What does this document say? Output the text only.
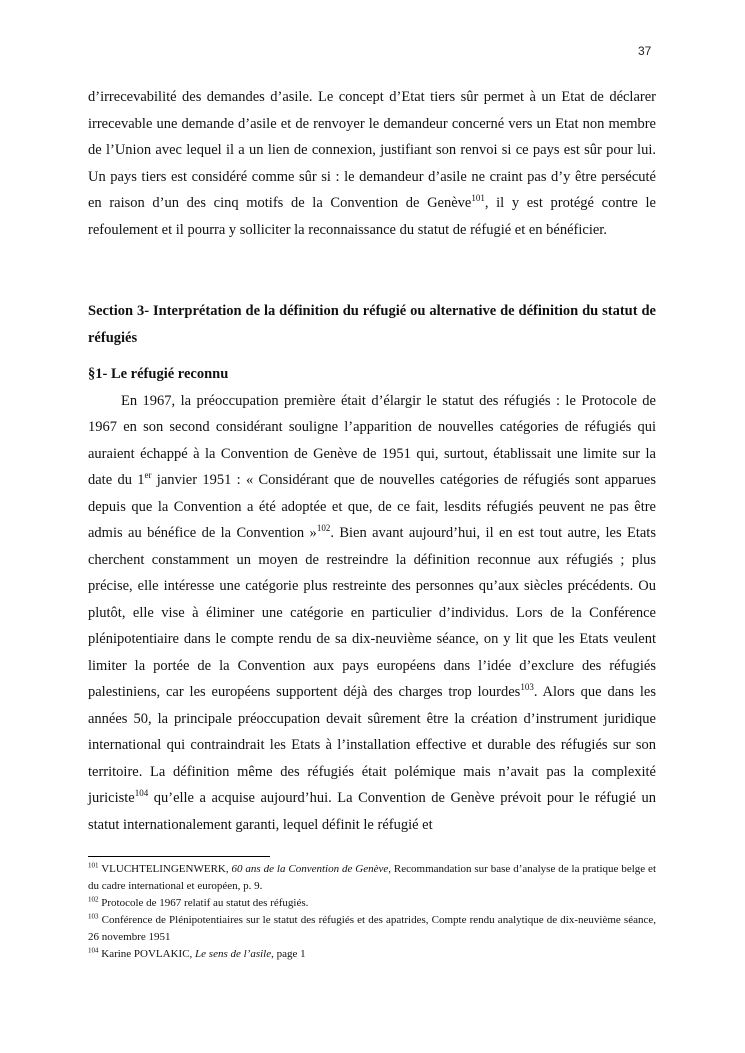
37

d’irrecevabilité des demandes d’asile. Le concept d’Etat tiers sûr permet à un Etat de déclarer irrecevable une demande d’asile et de renvoyer le demandeur concerné vers un Etat non membre de l’Union avec lequel il a un lien de connexion, justifiant son renvoi si ce pays est sûr pour lui. Un pays tiers est considéré comme sûr si : le demandeur d’asile ne craint pas d’y être persécuté en raison d’un des cinq motifs de la Convention de Genève$^{101}$, il y est protégé contre le refoulement et il pourra y solliciter la reconnaissance du statut de réfugié et en bénéficier.

Section 3- Interprétation de la définition du réfugié ou alternative de définition du statut de réfugiés
§1- Le réfugié reconnu

En 1967, la préoccupation première était d’élargir le statut des réfugiés : le Protocole de 1967 en son second considérant souligne l’apparition de nouvelles catégories de réfugiés qui auraient échappé à la Convention de Genève de 1951 qui, surtout, établissait une limite sur la date du 1er janvier 1951 : « Considérant que de nouvelles catégories de réfugiés sont apparues depuis que la Convention a été adoptée et que, de ce fait, lesdits réfugiés peuvent ne pas être admis au bénéfice de la Convention »$^{102}$. Bien avant aujourd’hui, il en est tout autre, les Etats cherchent constamment un moyen de restreindre la définition reconnue aux réfugiés ; plus précise, elle intéresse une catégorie plus restreinte des personnes qu’aux siècles précédents. Ou plutôt, elle vise à éliminer une catégorie en particulier d’individus. Lors de la Conférence plénipotentiaire dans le compte rendu de sa dix-neuvième séance, on y lit que les Etats veulent limiter la portée de la Convention aux pays européens dans l’idée d’exclure des réfugiés palestiniens, car les européens supportent déjà des charges trop lourdes$^{103}$. Alors que dans les années 50, la principale préoccupation devait sûrement être la création d’instrument juridique international qui contraindrait les Etats à l’installation effective et durable des réfugiés sur son territoire. La définition même des réfugiés était polémique mais n’avait pas la complexité juriciste$^{104}$ qu’elle a acquise aujourd’hui. La Convention de Genève prévoit pour le réfugié un statut internationalement garanti, lequel définit le réfugié et

$^{101}$ VLUCHTELINGENWERK, 60 ans de la Convention de Genève, Recommandation sur base d’analyse de la pratique belge et du cadre international et européen, p. 9.

$^{102}$ Protocole de 1967 relatif au statut des réfugiés.

$^{103}$ Conférence de Plénipotentiaires sur le statut des réfugiés et des apatrides, Compte rendu analytique de dix-neuvième séance, 26 novembre 1951

$^{104}$ Karine POVLAKIC, Le sens de l’asile, page 1
